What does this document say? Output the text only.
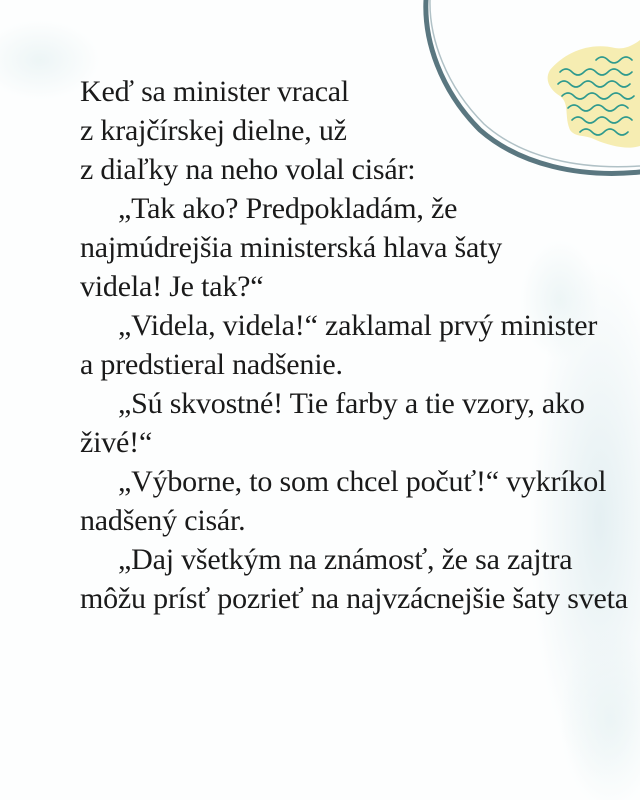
Keď sa minister vracal
z krajčírskej dielne, už
z diaľky na neho volal cisár:
„Tak ako? Predpokladám, že
najmúdrejšia ministerská hlava šaty
videla! Je tak?“
„Videla, videla!“ zaklamal prvý minister
a predstieral nadšenie.
„Sú skvostné! Tie farby a tie vzory, ako
živé!“
„Výborne, to som chcel počuť!“ vykríkol
nadšený cisár.
„Daj všetkým na známosť, že sa zajtra
môžu prísť pozrieť na najvzácnejšie šaty sveta
